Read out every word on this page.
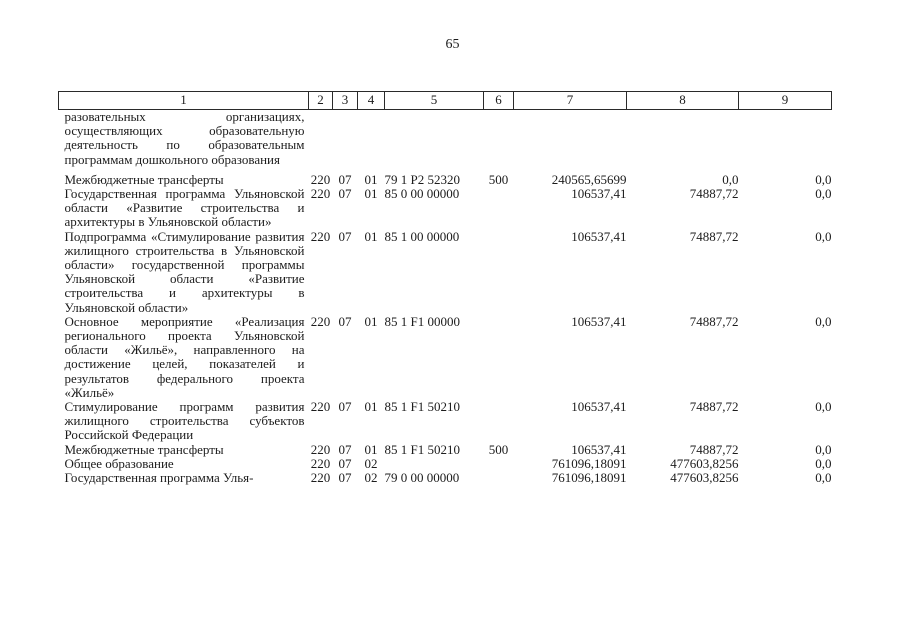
65
1	2	3	4	5	6	7	8	9
разовательных организациях, осуществляющих образовательную деятельность по образовательным программам дошкольного образования								
Межбюджетные трансферты	220	07	01	79 1 P2 52320	500	240565,65699	0,0	0,0
Государственная программа Ульяновской области «Развитие строительства и архитектуры в Ульяновской области»	220	07	01	85 0 00 00000		106537,41	74887,72	0,0
Подпрограмма «Стимулирование развития жилищного строительства в Ульяновской области» государственной программы Ульяновской области «Развитие строительства и архитектуры в Ульяновской области»	220	07	01	85 1 00 00000		106537,41	74887,72	0,0
Основное мероприятие «Реализация регионального проекта Ульяновской области «Жильё», направленного на достижение целей, показателей и результатов федерального проекта «Жильё»	220	07	01	85 1 F1 00000		106537,41	74887,72	0,0
Стимулирование программ развития жилищного строительства субъектов Российской Федерации	220	07	01	85 1 F1 50210		106537,41	74887,72	0,0
Межбюджетные трансферты	220	07	01	85 1 F1 50210	500	106537,41	74887,72	0,0
Общее образование	220	07	02			761096,18091	477603,8256	0,0
Государственная программа Улья-	220	07	02	79 0 00 00000		761096,18091	477603,8256	0,0
